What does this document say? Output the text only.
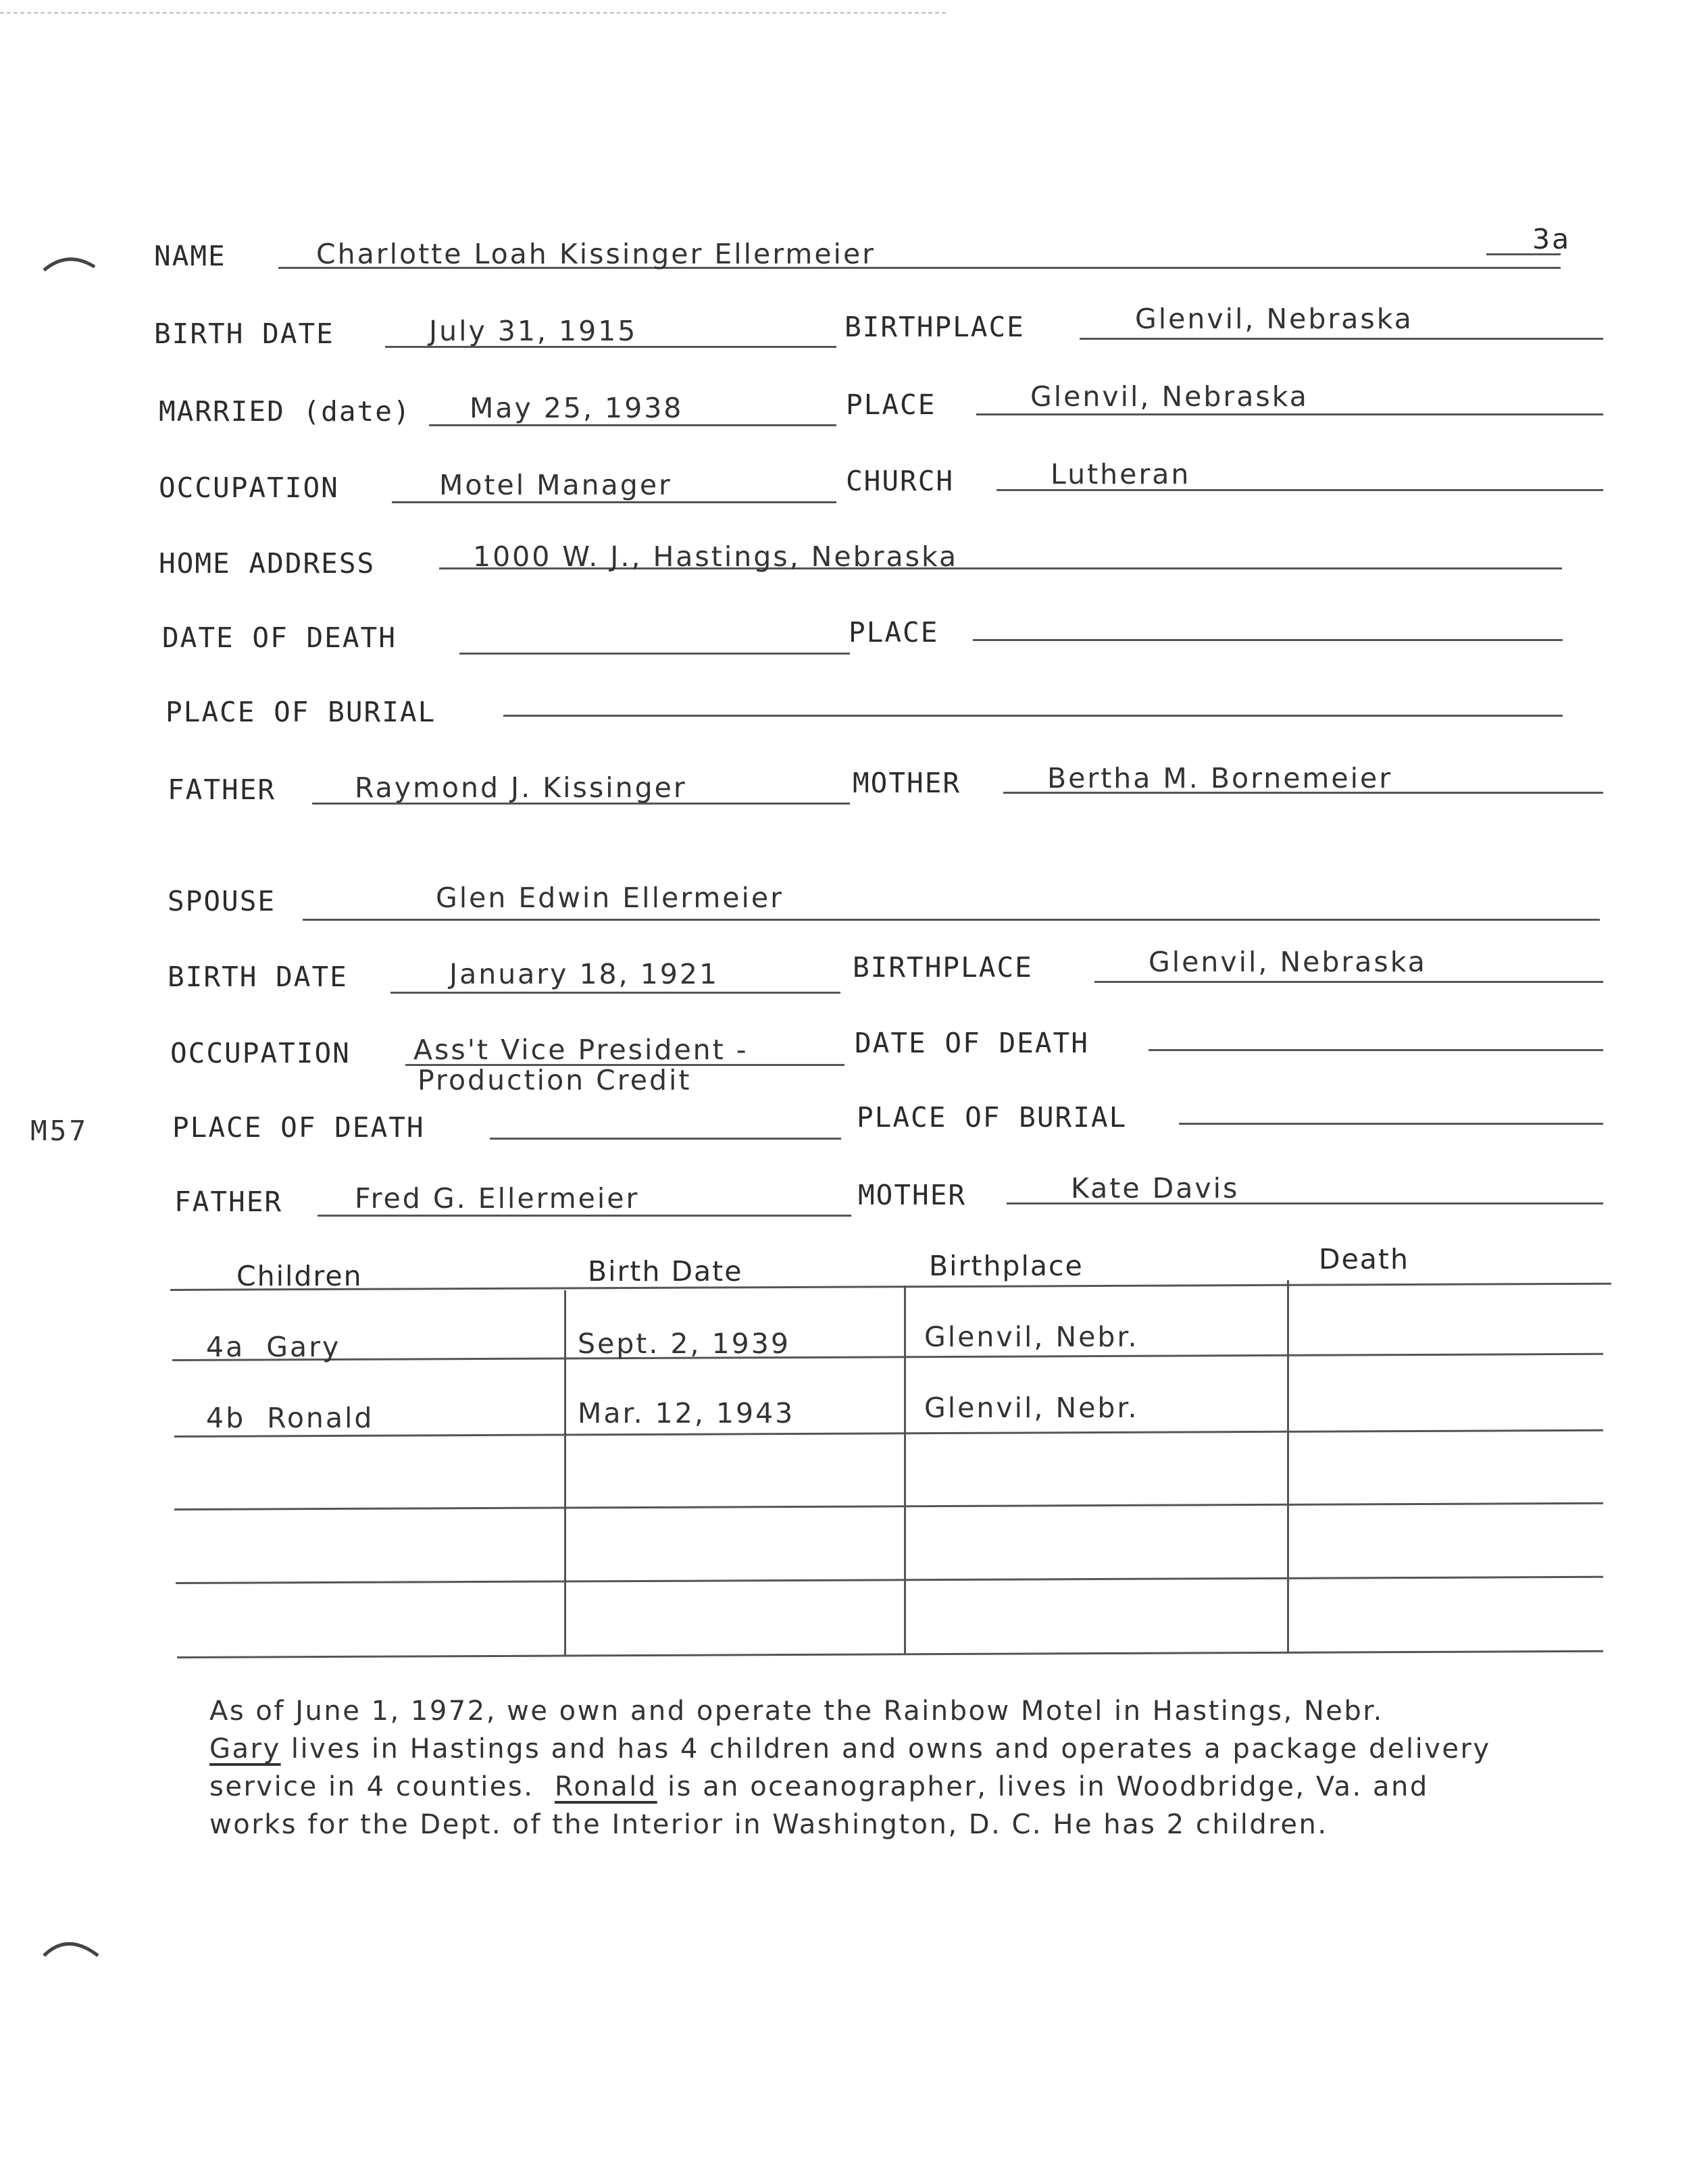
3a
NAME	Charlotte Loah Kissinger Ellermeier
BIRTH DATE	July 31, 1915	BIRTHPLACE	Glenvil, Nebraska
MARRIED (date) May 25, 1938	PLACE	Glenvil, Nebraska
OCCUPATION	Motel Manager	CHURCH	Lutheran
HOME ADDRESS	1000 W. J., Hastings, Nebraska
DATE OF DEATH	PLACE
PLACE OF BURIAL
FATHER	Raymond J. Kissinger	MOTHER	Bertha M. Bornemeier
SPOUSE	Glen Edwin Ellermeier
BIRTH DATE	January 18, 1921	BIRTHPLACE	Glenvil, Nebraska
OCCUPATION Ass't Vice President -
Production Credit
DATE OF DEATH
M57	PLACE OF DEATH	PLACE OF BURIAL
FATHER	Fred G. Ellermeier	MOTHER	Kate Davis
Children	Birth Date	Birthplace	Death
4a  Gary	Sept. 2, 1939	Glenvil, Nebr.
4b  Ronald	Mar. 12, 1943	Glenvil, Nebr.
As of June 1, 1972, we own and operate the Rainbow Motel in Hastings, Nebr.
Gary lives in Hastings and has 4 children and owns and operates a package delivery
service in 4 counties.  Ronald is an oceanographer, lives in Woodbridge, Va. and
works for the Dept. of the Interior in Washington, D. C. He has 2 children.
